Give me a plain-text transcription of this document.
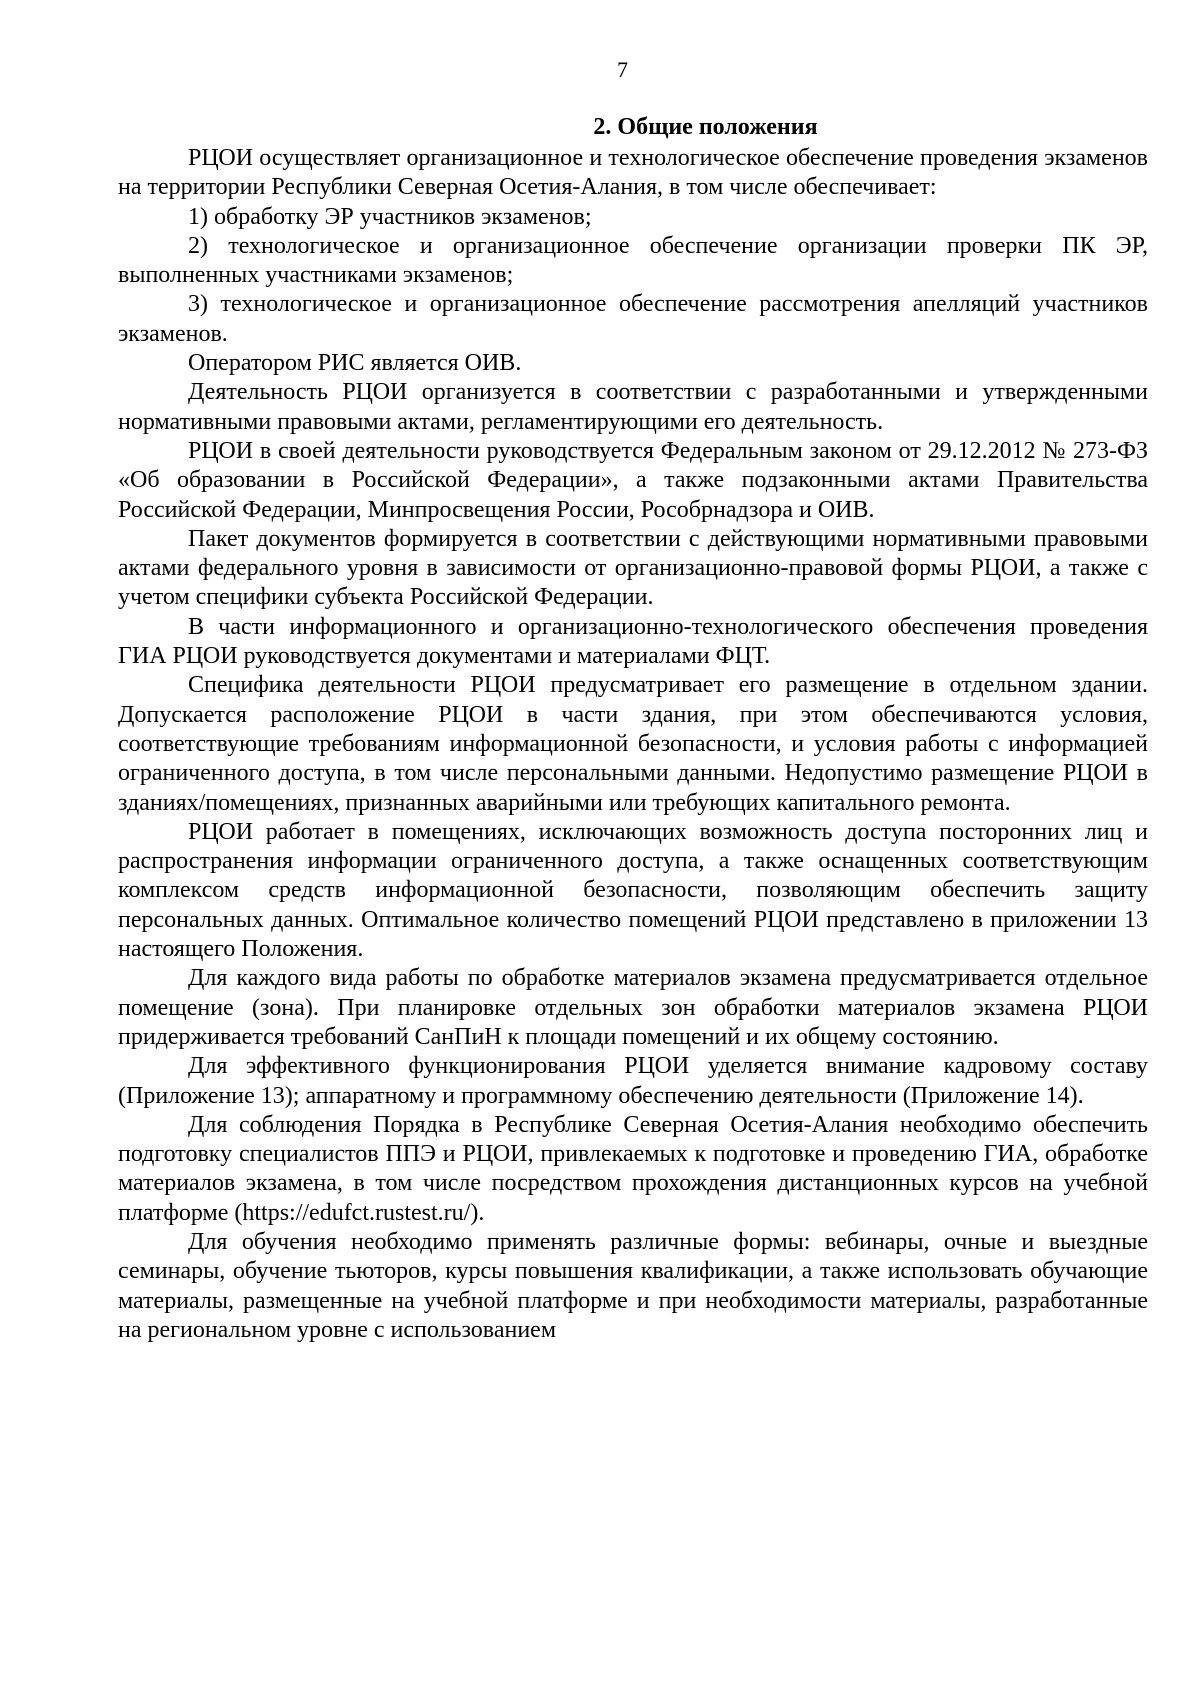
7
2. Общие положения

РЦОИ осуществляет организационное и технологическое обеспечение проведения экзаменов на территории Республики Северная Осетия-Алания, в том числе обеспечивает:

1) обработку ЭР участников экзаменов;

2) технологическое и организационное обеспечение организации проверки ПК ЭР, выполненных участниками экзаменов;

3) технологическое и организационное обеспечение рассмотрения апелляций участников экзаменов.

Оператором РИС является ОИВ.

Деятельность РЦОИ организуется в соответствии с разработанными и утвержденными нормативными правовыми актами, регламентирующими его деятельность.

РЦОИ в своей деятельности руководствуется Федеральным законом от 29.12.2012 № 273-ФЗ «Об образовании в Российской Федерации», а также подзаконными актами Правительства Российской Федерации, Минпросвещения России, Рособрнадзора и ОИВ.

Пакет документов формируется в соответствии с действующими нормативными правовыми актами федерального уровня в зависимости от организационно-правовой формы РЦОИ, а также с учетом специфики субъекта Российской Федерации.

В части информационного и организационно-технологического обеспечения проведения ГИА РЦОИ руководствуется документами и материалами ФЦТ.

Специфика деятельности РЦОИ предусматривает его размещение в отдельном здании. Допускается расположение РЦОИ в части здания, при этом обеспечиваются условия, соответствующие требованиям информационной безопасности, и условия работы с информацией ограниченного доступа, в том числе персональными данными. Недопустимо размещение РЦОИ в зданиях/помещениях, признанных аварийными или требующих капитального ремонта.

РЦОИ работает в помещениях, исключающих возможность доступа посторонних лиц и распространения информации ограниченного доступа, а также оснащенных соответствующим комплексом средств информационной безопасности, позволяющим обеспечить защиту персональных данных. Оптимальное количество помещений РЦОИ представлено в приложении 13 настоящего Положения.

Для каждого вида работы по обработке материалов экзамена предусматривается отдельное помещение (зона). При планировке отдельных зон обработки материалов экзамена РЦОИ придерживается требований СанПиН к площади помещений и их общему состоянию.

Для эффективного функционирования РЦОИ уделяется внимание кадровому составу (Приложение 13); аппаратному и программному обеспечению деятельности (Приложение 14).

Для соблюдения Порядка в Республике Северная Осетия-Алания необходимо обеспечить подготовку специалистов ППЭ и РЦОИ, привлекаемых к подготовке и проведению ГИА, обработке материалов экзамена, в том числе посредством прохождения дистанционных курсов на учебной платформе (https://edufct.rustest.ru/).

Для обучения необходимо применять различные формы: вебинары, очные и выездные семинары, обучение тьюторов, курсы повышения квалификации, а также использовать обучающие материалы, размещенные на учебной платформе и при необходимости материалы, разработанные на региональном уровне с использованием
